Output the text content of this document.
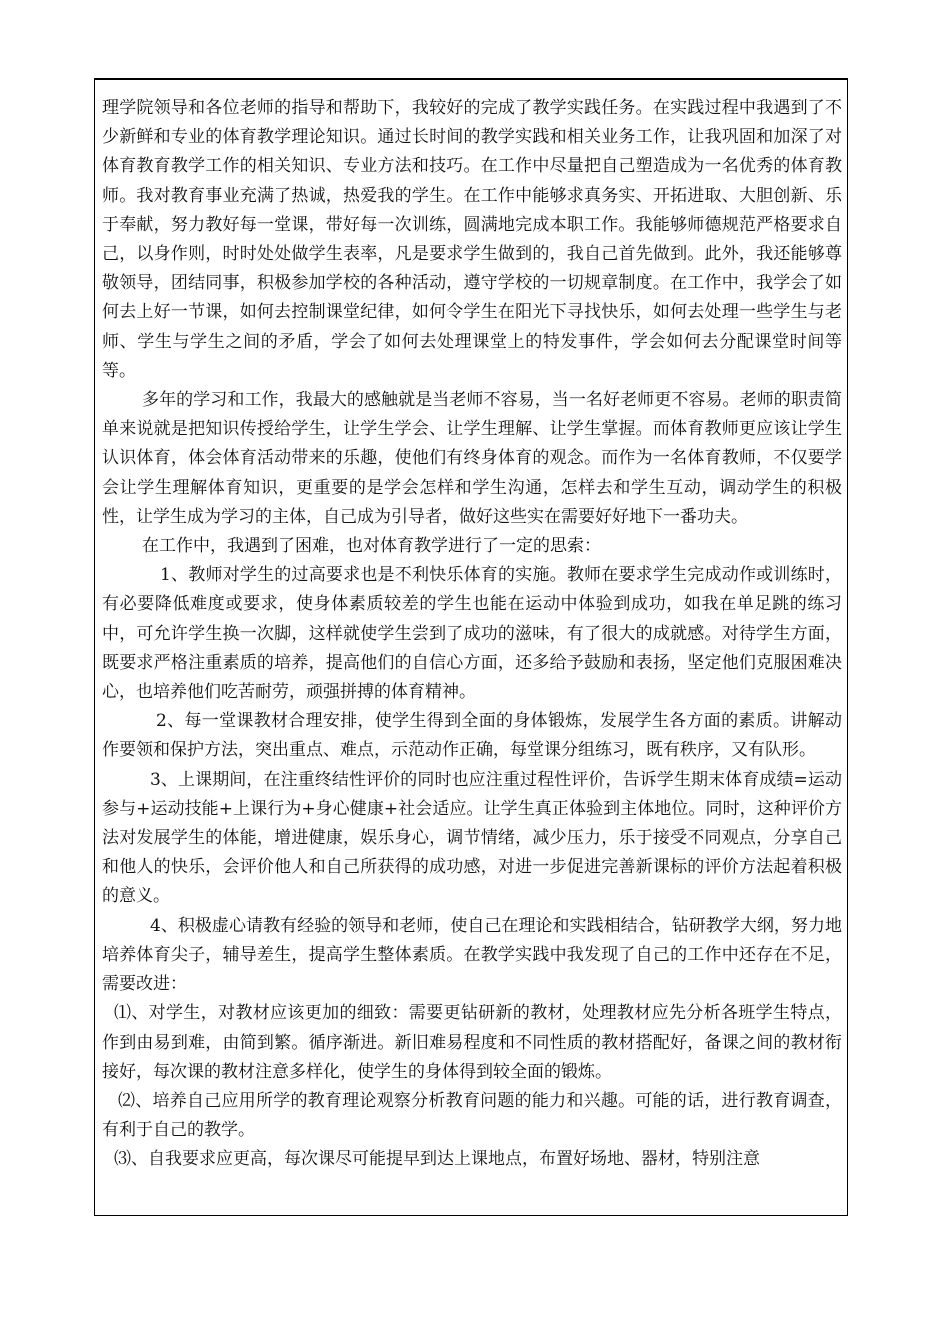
理学院领导和各位老师的指导和帮助下，我较好的完成了教学实践任务。在实践过程中我遇到了不少新鲜和专业的体育教学理论知识。通过长时间的教学实践和相关业务工作，让我巩固和加深了对体育教育教学工作的相关知识、专业方法和技巧。在工作中尽量把自己塑造成为一名优秀的体育教师。我对教育事业充满了热诚，热爱我的学生。在工作中能够求真务实、开拓进取、大胆创新、乐于奉献，努力教好每一堂课，带好每一次训练，圆满地完成本职工作。我能够师德规范严格要求自己，以身作则，时时处处做学生表率，凡是要求学生做到的，我自己首先做到。此外，我还能够尊敬领导，团结同事，积极参加学校的各种活动，遵守学校的一切规章制度。在工作中，我学会了如何去上好一节课，如何去控制课堂纪律，如何令学生在阳光下寻找快乐，如何去处理一些学生与老师、学生与学生之间的矛盾，学会了如何去处理课堂上的特发事件，学会如何去分配课堂时间等等。

多年的学习和工作，我最大的感触就是当老师不容易，当一名好老师更不容易。老师的职责简单来说就是把知识传授给学生，让学生学会、让学生理解、让学生掌握。而体育教师更应该让学生认识体育，体会体育活动带来的乐趣，使他们有终身体育的观念。而作为一名体育教师，不仅要学会让学生理解体育知识，更重要的是学会怎样和学生沟通，怎样去和学生互动，调动学生的积极性，让学生成为学习的主体，自己成为引导者，做好这些实在需要好好地下一番功夫。

在工作中，我遇到了困难，也对体育教学进行了一定的思索：

1、教师对学生的过高要求也是不利快乐体育的实施。教师在要求学生完成动作或训练时，有必要降低难度或要求，使身体素质较差的学生也能在运动中体验到成功，如我在单足跳的练习中，可允许学生换一次脚，这样就使学生尝到了成功的滋味，有了很大的成就感。对待学生方面，既要求严格注重素质的培养，提高他们的自信心方面，还多给予鼓励和表扬，坚定他们克服困难决心，也培养他们吃苦耐劳，顽强拼搏的体育精神。

2、每一堂课教材合理安排，使学生得到全面的身体锻炼，发展学生各方面的素质。讲解动作要领和保护方法，突出重点、难点，示范动作正确，每堂课分组练习，既有秩序，又有队形。

3、上课期间，在注重终结性评价的同时也应注重过程性评价，告诉学生期末体育成绩=运动参与+运动技能+上课行为+身心健康+社会适应。让学生真正体验到主体地位。同时，这种评价方法对发展学生的体能，增进健康，娱乐身心，调节情绪，减少压力，乐于接受不同观点，分享自己和他人的快乐，会评价他人和自己所获得的成功感，对进一步促进完善新课标的评价方法起着积极的意义。

4、积极虚心请教有经验的领导和老师，使自己在理论和实践相结合，钻研教学大纲，努力地培养体育尖子，辅导差生，提高学生整体素质。在教学实践中我发现了自己的工作中还存在不足，需要改进：

⑴、对学生，对教材应该更加的细致：需要更钻研新的教材，处理教材应先分析各班学生特点，作到由易到难，由简到繁。循序渐进。新旧难易程度和不同性质的教材搭配好，备课之间的教材衔接好，每次课的教材注意多样化，使学生的身体得到较全面的锻炼。

⑵、培养自己应用所学的教育理论观察分析教育问题的能力和兴趣。可能的话，进行教育调查，有利于自己的教学。

⑶、自我要求应更高，每次课尽可能提早到达上课地点，布置好场地、器材，特别注意
